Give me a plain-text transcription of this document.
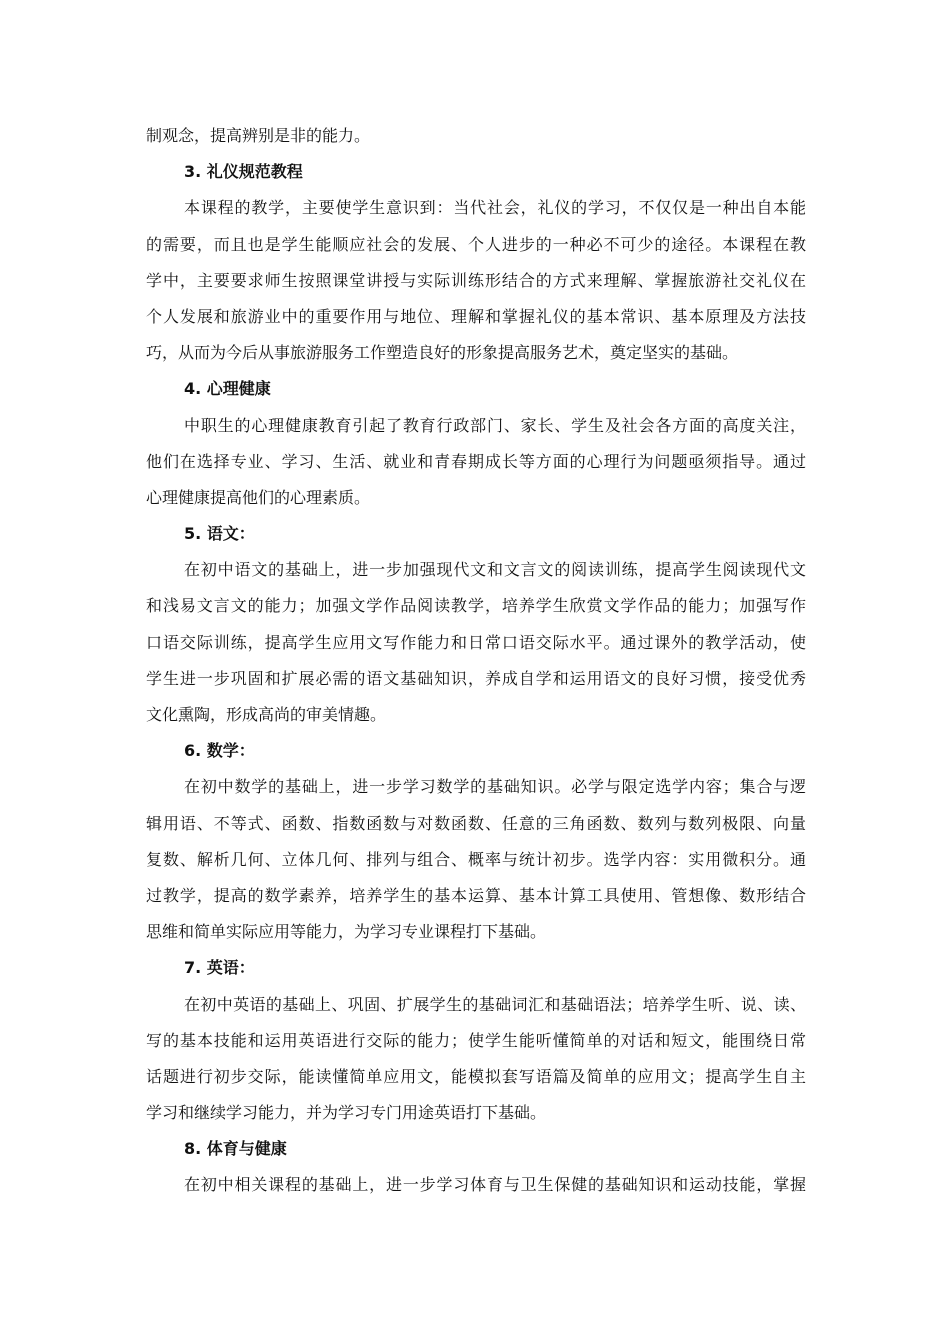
制观念，提高辨别是非的能力。
3. 礼仪规范教程
本课程的教学，主要使学生意识到：当代社会，礼仪的学习，不仅仅是一种出自本能
的需要，而且也是学生能顺应社会的发展、个人进步的一种必不可少的途径。本课程在教
学中，主要要求师生按照课堂讲授与实际训练形结合的方式来理解、掌握旅游社交礼仪在
个人发展和旅游业中的重要作用与地位、理解和掌握礼仪的基本常识、基本原理及方法技
巧，从而为今后从事旅游服务工作塑造良好的形象提高服务艺术，奠定坚实的基础。
4. 心理健康
中职生的心理健康教育引起了教育行政部门、家长、学生及社会各方面的高度关注，
他们在选择专业、学习、生活、就业和青春期成长等方面的心理行为问题亟须指导。通过
心理健康提高他们的心理素质。
5. 语文：
在初中语文的基础上，进一步加强现代文和文言文的阅读训练，提高学生阅读现代文
和浅易文言文的能力；加强文学作品阅读教学，培养学生欣赏文学作品的能力；加强写作
口语交际训练，提高学生应用文写作能力和日常口语交际水平。通过课外的教学活动，使
学生进一步巩固和扩展必需的语文基础知识，养成自学和运用语文的良好习惯，接受优秀
文化熏陶，形成高尚的审美情趣。
6. 数学：
在初中数学的基础上，进一步学习数学的基础知识。必学与限定选学内容；集合与逻
辑用语、不等式、函数、指数函数与对数函数、任意的三角函数、数列与数列极限、向量
复数、解析几何、立体几何、排列与组合、概率与统计初步。选学内容：实用微积分。通
过教学，提高的数学素养，培养学生的基本运算、基本计算工具使用、管想像、数形结合
思维和简单实际应用等能力，为学习专业课程打下基础。
7. 英语：
在初中英语的基础上、巩固、扩展学生的基础词汇和基础语法；培养学生听、说、读、
写的基本技能和运用英语进行交际的能力；使学生能听懂简单的对话和短文，能围绕日常
话题进行初步交际，能读懂简单应用文，能模拟套写语篇及简单的应用文；提高学生自主
学习和继续学习能力，并为学习专门用途英语打下基础。
8. 体育与健康
在初中相关课程的基础上，进一步学习体育与卫生保健的基础知识和运动技能，掌握
